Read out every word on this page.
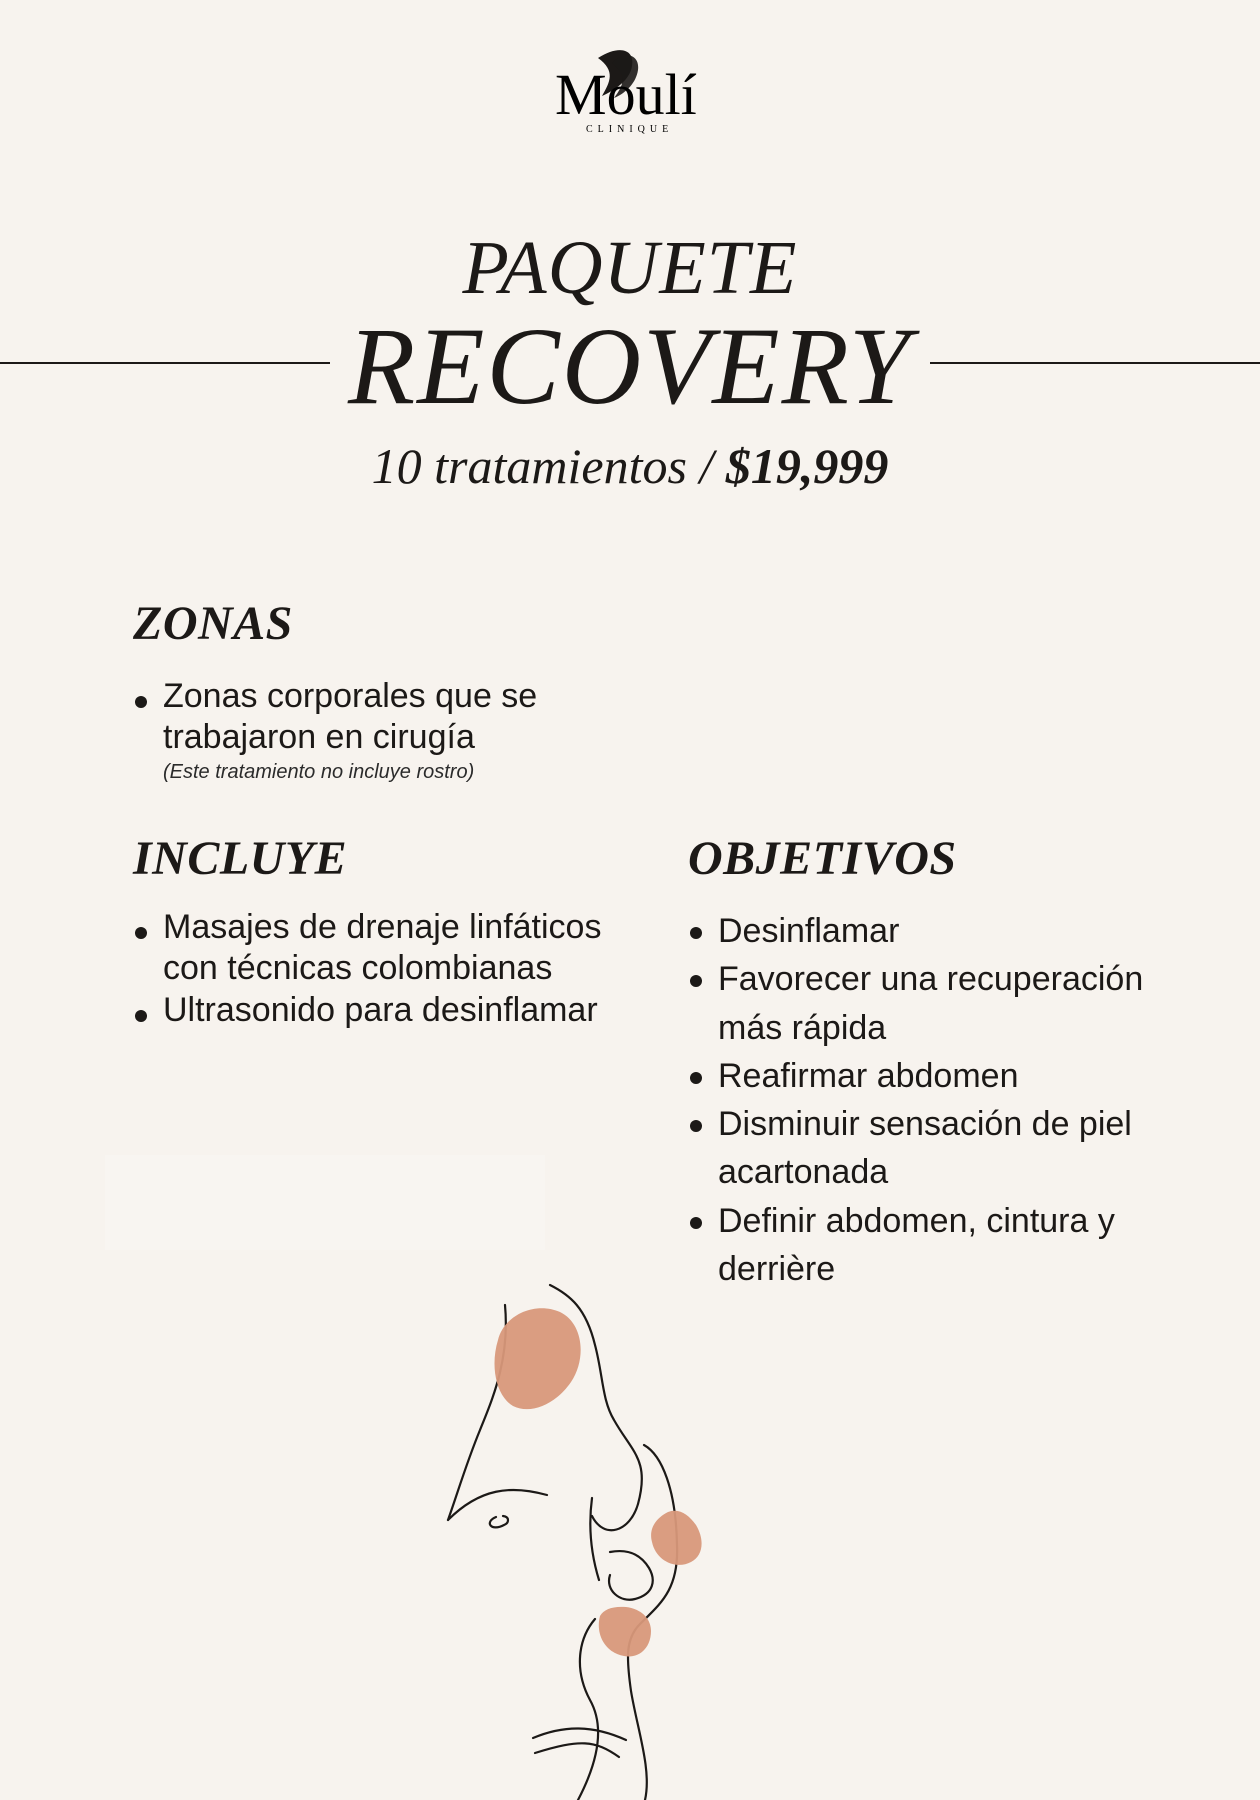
Moulí
CLINIQUE
PAQUETE
RECOVERY
10 tratamientos / $19,999
ZONAS
Zonas corporales que se trabajaron en cirugía
(Este tratamiento no incluye rostro)
INCLUYE
Masajes de drenaje linfáticos con técnicas colombianas
Ultrasonido para desinflamar
OBJETIVOS
Desinflamar
Favorecer una recuperación más rápida
Reafirmar abdomen
Disminuir sensación de piel acartonada
Definir abdomen, cintura y derrière
